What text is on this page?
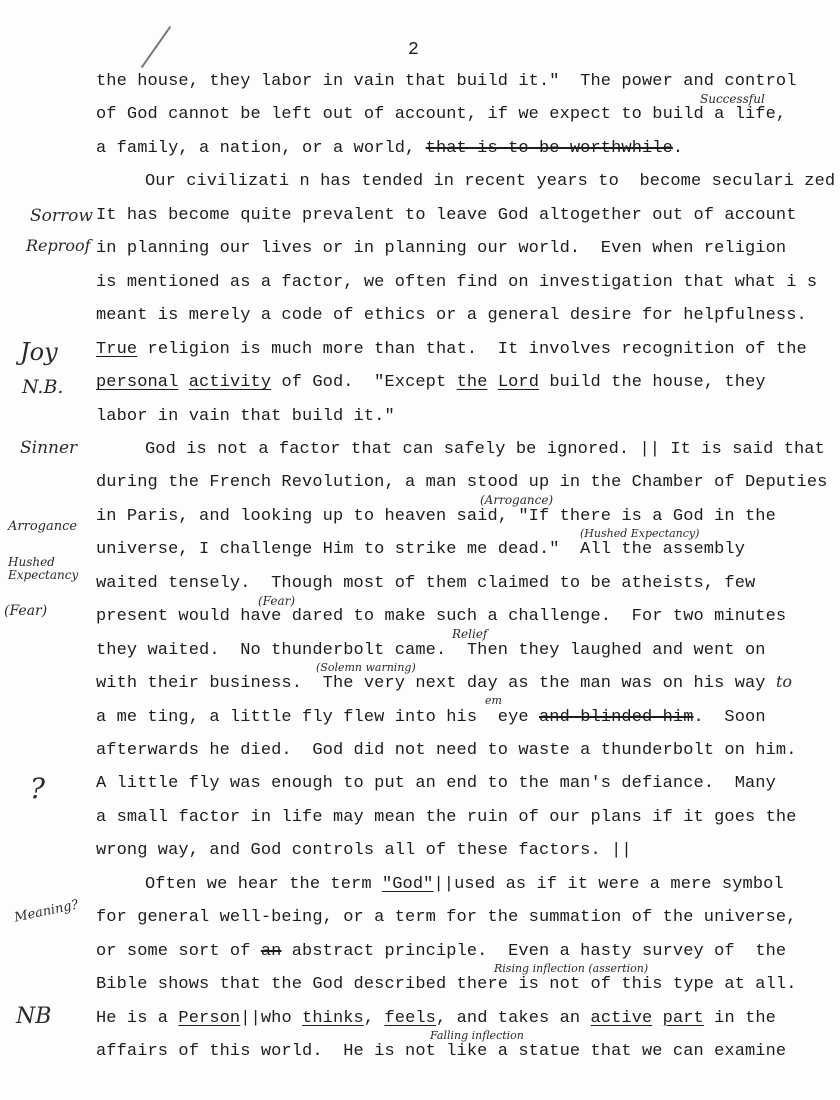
2
the house, they labor in vain that build it."  The power and control
of God cannot be left out of account, if we expect to build a life,
a family, a nation, or a world, that is to be worthwhile.
Our civilizati n has tended in recent years to  become seculari zed
It has become quite prevalent to leave God altogether out of account
in planning our lives or in planning our world.  Even when religion
is mentioned as a factor, we often find on investigation that what i s
meant is merely a code of ethics or a general desire for helpfulness.
True religion is much more than that.  It involves recognition of the
personal activity of God.  "Except the Lord build the house, they
labor in vain that build it."
God is not a factor that can safely be ignored. || It is said that
during the French Revolution, a man stood up in the Chamber of Deputies
in Paris, and looking up to heaven said, "If there is a God in the
universe, I challenge Him to strike me dead."  All the assembly
waited tensely.  Though most of them claimed to be atheists, few
present would have dared to make such a challenge.  For two minutes
they waited.  No thunderbolt came.  Then they laughed and went on
with their business.  The very next day as the man was on his way
a me ting, a little fly flew into his  eye and blinded him.  Soon
afterwards he died.  God did not need to waste a thunderbolt on him.
A little fly was enough to put an end to the man's defiance.  Many
a small factor in life may mean the ruin of our plans if it goes the
wrong way, and God controls all of these factors. ||
Often we hear the term "God"||used as if it were a mere symbol
for general well-being, or a term for the summation of the universe,
or some sort of an abstract principle.  Even a hasty survey of  the
Bible shows that the God described there is not of this type at all.
He is a Person||who thinks, feels, and takes an active part in the
affairs of this world.  He is not like a statue that we can examine
Sorrow
Reproof
Joy
N.B.
Sinner
Arrogance
Hushed Expectancy
(Fear)
?
Meaning?
NB
Successful
(Arrogance)
(Hushed Expectancy)
(Fear)
Relief
(Solemn warning)
em
to
Rising inflection (assertion)
Falling inflection
